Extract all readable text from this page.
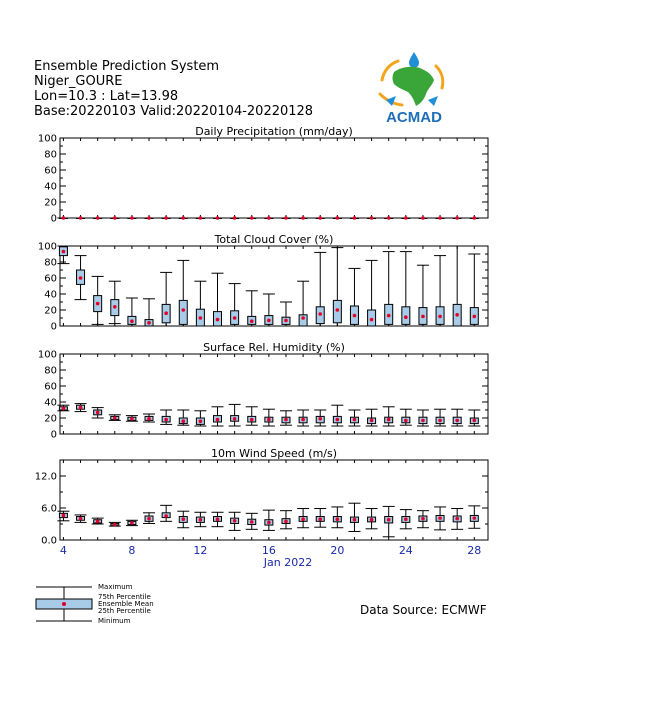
Ensemble Prediction System
Niger_GOURE
Lon=10.3 : Lat=13.98
Base:20220103 Valid:20220104-20220128	ACMAD
Daily Precipitation (mm/day)
0
20
40
60
80
100
Total Cloud Cover (%)
0
20
40
60
80
100
Surface Rel. Humidity (%)
0
20
40
60
80
100
10m Wind Speed (m/s)
0.0
6.0
12.0
4	8	12	16	20	24	28
Jan 2022
Maximum
75th Percentile
Ensemble Mean
25th Percentile
Minimum
Data Source: ECMWF
